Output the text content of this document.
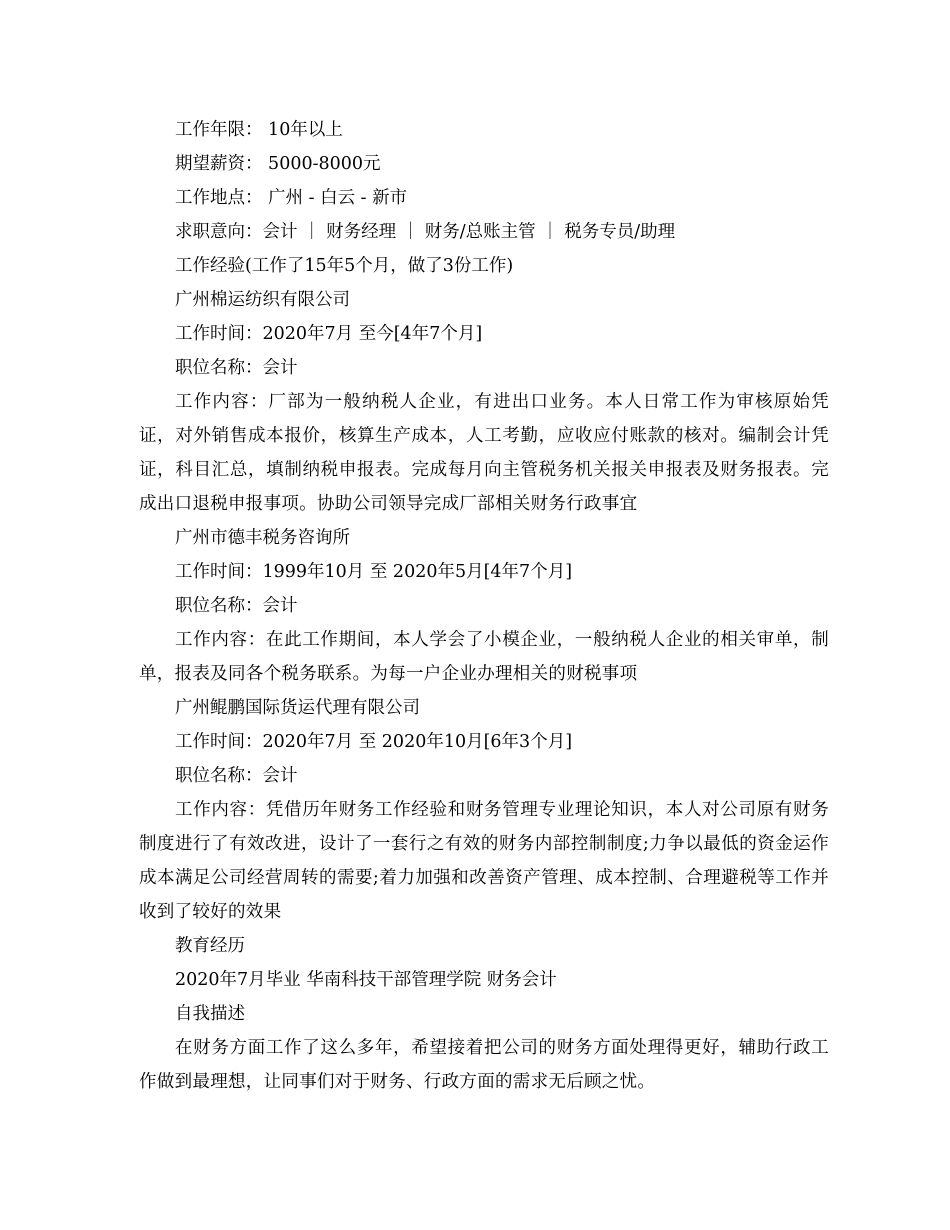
工作年限： 10年以上

期望薪资： 5000-8000元

工作地点： 广州 - 白云 - 新市

求职意向：会计 ｜ 财务经理 ｜ 财务/总账主管 ｜ 税务专员/助理

工作经验(工作了15年5个月，做了3份工作)

广州棉运纺织有限公司

工作时间：2020年7月 至今[4年7个月]

职位名称：会计

工作内容：厂部为一般纳税人企业，有进出口业务。本人日常工作为审核原始凭证，对外销售成本报价，核算生产成本，人工考勤，应收应付账款的核对。编制会计凭证，科目汇总，填制纳税申报表。完成每月向主管税务机关报关申报表及财务报表。完成出口退税申报事项。协助公司领导完成厂部相关财务行政事宜

广州市德丰税务咨询所

工作时间：1999年10月 至 2020年5月[4年7个月]

职位名称：会计

工作内容：在此工作期间，本人学会了小模企业，一般纳税人企业的相关审单，制单，报表及同各个税务联系。为每一户企业办理相关的财税事项

广州鲲鹏国际货运代理有限公司

工作时间：2020年7月 至 2020年10月[6年3个月]

职位名称：会计

工作内容：凭借历年财务工作经验和财务管理专业理论知识，本人对公司原有财务制度进行了有效改进，设计了一套行之有效的财务内部控制制度;力争以最低的资金运作成本满足公司经营周转的需要;着力加强和改善资产管理、成本控制、合理避税等工作并收到了较好的效果

教育经历

2020年7月毕业 华南科技干部管理学院 财务会计

自我描述

在财务方面工作了这么多年，希望接着把公司的财务方面处理得更好，辅助行政工作做到最理想，让同事们对于财务、行政方面的需求无后顾之忧。
